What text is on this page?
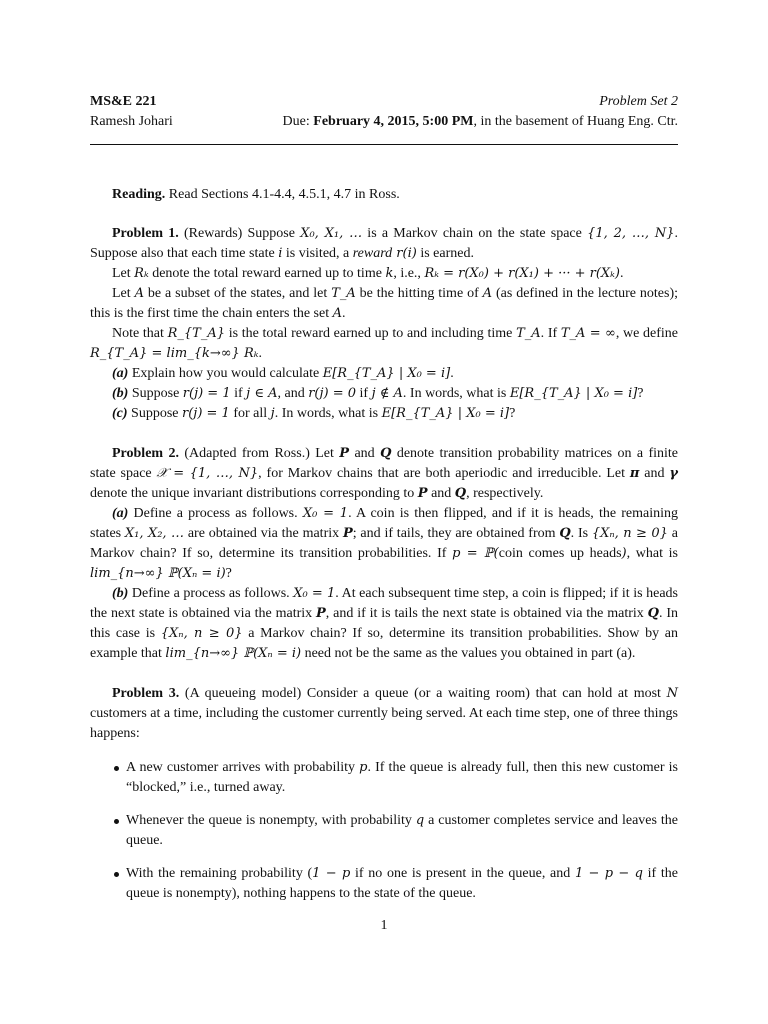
MS&E 221	Problem Set 2
Ramesh Johari	Due: February 4, 2015, 5:00 PM, in the basement of Huang Eng. Ctr.

Reading. Read Sections 4.1-4.4, 4.5.1, 4.7 in Ross.

Problem 1. (Rewards) Suppose X₀, X₁, … is a Markov chain on the state space {1, 2, …, N}. Suppose also that each time state i is visited, a reward r(i) is earned.

Let Rₖ denote the total reward earned up to time k, i.e., Rₖ = r(X₀) + r(X₁) + ··· + r(Xₖ).

Let A be a subset of the states, and let T_A be the hitting time of A (as defined in the lecture notes); this is the first time the chain enters the set A.

Note that R_{T_A} is the total reward earned up to and including time T_A. If T_A = ∞, we define R_{T_A} = lim_{k→∞} Rₖ.

(a) Explain how you would calculate E[R_{T_A} | X₀ = i].

(b) Suppose r(j) = 1 if j ∈ A, and r(j) = 0 if j ∉ A. In words, what is E[R_{T_A} | X₀ = i]?

(c) Suppose r(j) = 1 for all j. In words, what is E[R_{T_A} | X₀ = i]?

Problem 2. (Adapted from Ross.) Let P and Q denote transition probability matrices on a finite state space 𝒳 = {1, …, N}, for Markov chains that are both aperiodic and irreducible. Let π and γ denote the unique invariant distributions corresponding to P and Q, respectively.

(a) Define a process as follows. X₀ = 1. A coin is then flipped, and if it is heads, the remaining states X₁, X₂, … are obtained via the matrix P; and if tails, they are obtained from Q. Is {Xₙ, n ≥ 0} a Markov chain? If so, determine its transition probabilities. If p = ℙ(coin comes up heads), what is lim_{n→∞} ℙ(Xₙ = i)?

(b) Define a process as follows. X₀ = 1. At each subsequent time step, a coin is flipped; if it is heads the next state is obtained via the matrix P, and if it is tails the next state is obtained via the matrix Q. In this case is {Xₙ, n ≥ 0} a Markov chain? If so, determine its transition probabilities. Show by an example that lim_{n→∞} ℙ(Xₙ = i) need not be the same as the values you obtained in part (a).

Problem 3. (A queueing model) Consider a queue (or a waiting room) that can hold at most N customers at a time, including the customer currently being served. At each time step, one of three things happens:

A new customer arrives with probability p. If the queue is already full, then this new customer is “blocked,” i.e., turned away.
Whenever the queue is nonempty, with probability q a customer completes service and leaves the queue.
With the remaining probability (1 − p if no one is present in the queue, and 1 − p − q if the queue is nonempty), nothing happens to the state of the queue.
1
